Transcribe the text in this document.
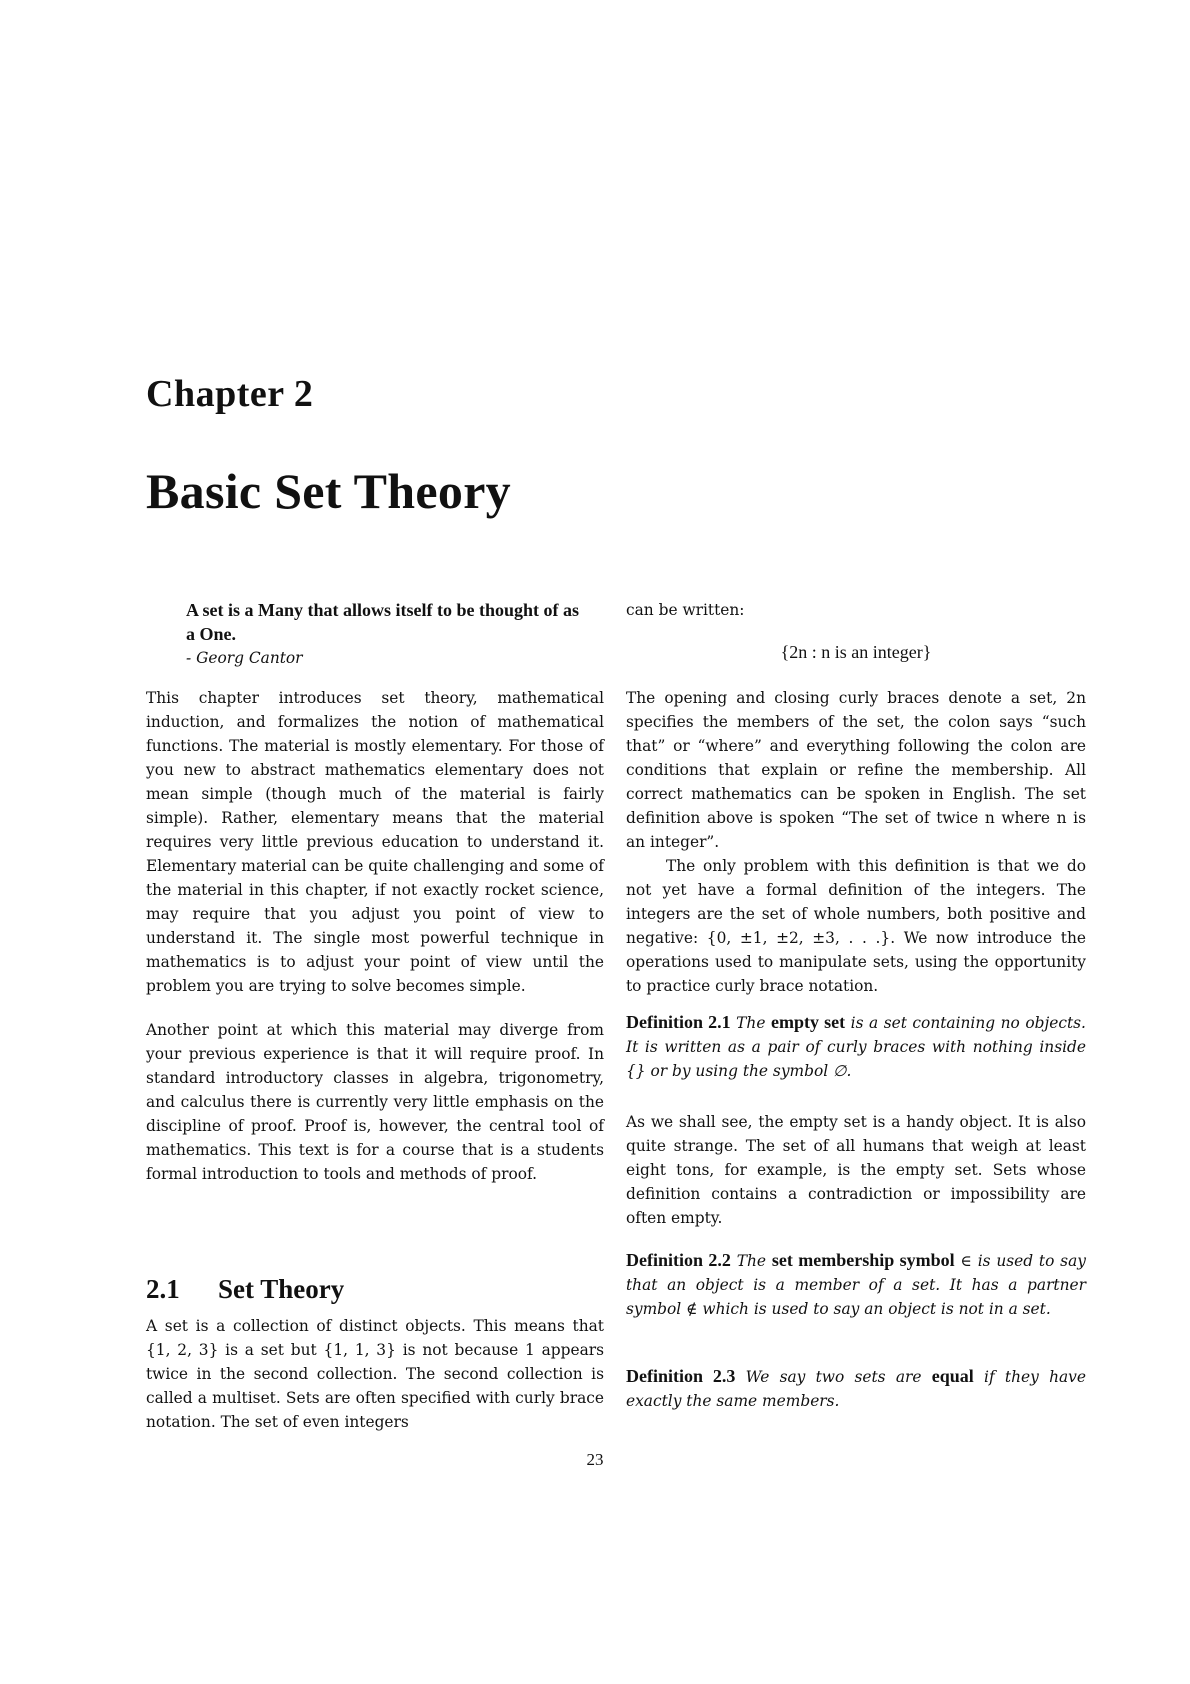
Chapter 2
Basic Set Theory

A set is a Many that allows itself to be thought of as a One.

- Georg Cantor

This chapter introduces set theory, mathematical induction, and formalizes the notion of mathematical functions. The material is mostly elementary. For those of you new to abstract mathematics elementary does not mean simple (though much of the material is fairly simple). Rather, elementary means that the material requires very little previous education to understand it. Elementary material can be quite challenging and some of the material in this chapter, if not exactly rocket science, may require that you adjust you point of view to understand it. The single most powerful technique in mathematics is to adjust your point of view until the problem you are trying to solve becomes simple.

Another point at which this material may diverge from your previous experience is that it will require proof. In standard introductory classes in algebra, trigonometry, and calculus there is currently very little emphasis on the discipline of proof. Proof is, however, the central tool of mathematics. This text is for a course that is a students formal introduction to tools and methods of proof.

A set is a collection of distinct objects. This means that {1, 2, 3} is a set but {1, 1, 3} is not because 1 appears twice in the second collection. The second collection is called a multiset. Sets are often specified with curly brace notation. The set of even integers

2.1 Set Theory

can be written:

The opening and closing curly braces denote a set, 2n specifies the members of the set, the colon says “such that” or “where” and everything following the colon are conditions that explain or refine the membership. All correct mathematics can be spoken in English. The set definition above is spoken “The set of twice n where n is an integer”.

The only problem with this definition is that we do not yet have a formal definition of the integers. The integers are the set of whole numbers, both positive and negative: {0, ±1, ±2, ±3, . . .}. We now introduce the operations used to manipulate sets, using the opportunity to practice curly brace notation.

Definition 2.1 The empty set is a set containing no objects. It is written as a pair of curly braces with nothing inside {} or by using the symbol ∅.

As we shall see, the empty set is a handy object. It is also quite strange. The set of all humans that weigh at least eight tons, for example, is the empty set. Sets whose definition contains a contradiction or impossibility are often empty.

Definition 2.2 The set membership symbol ∈ is used to say that an object is a member of a set. It has a partner symbol ∉ which is used to say an object is not in a set.

Definition 2.3 We say two sets are equal if they have exactly the same members.

{2n : n is an integer}
23
